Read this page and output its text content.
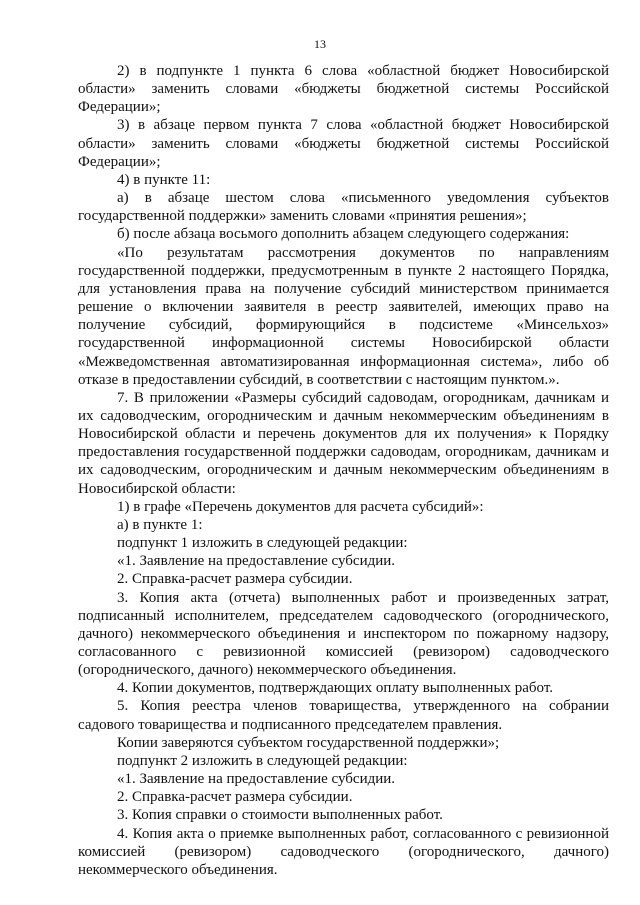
13

2) в подпункте 1 пункта 6 слова «областной бюджет Новосибирской области» заменить словами «бюджеты бюджетной системы Российской Федерации»;

3) в абзаце первом пункта 7 слова «областной бюджет Новосибирской области» заменить словами «бюджеты бюджетной системы Российской Федерации»;

4) в пункте 11:

а) в абзаце шестом слова «письменного уведомления субъектов государственной поддержки» заменить словами «принятия решения»;

б) после абзаца восьмого дополнить абзацем следующего содержания:

«По результатам рассмотрения документов по направлениям государственной поддержки, предусмотренным в пункте 2 настоящего Порядка, для установления права на получение субсидий министерством принимается решение о включении заявителя в реестр заявителей, имеющих право на получение субсидий, формирующийся в подсистеме «Минсельхоз» государственной информационной системы Новосибирской области «Межведомственная автоматизированная информационная система», либо об отказе в предоставлении субсидий, в соответствии с настоящим пунктом.».

7. В приложении «Размеры субсидий садоводам, огородникам, дачникам и их садоводческим, огородническим и дачным некоммерческим объединениям в Новосибирской области и перечень документов для их получения» к Порядку предоставления государственной поддержки садоводам, огородникам, дачникам и их садоводческим, огородническим и дачным некоммерческим объединениям в Новосибирской области:

1) в графе «Перечень документов для расчета субсидий»:

а) в пункте 1:

подпункт 1 изложить в следующей редакции:

«1. Заявление на предоставление субсидии.

2. Справка-расчет размера субсидии.

3. Копия акта (отчета) выполненных работ и произведенных затрат, подписанный исполнителем, председателем садоводческого (огороднического, дачного) некоммерческого объединения и инспектором по пожарному надзору, согласованного с ревизионной комиссией (ревизором) садоводческого (огороднического, дачного) некоммерческого объединения.

4. Копии документов, подтверждающих оплату выполненных работ.

5. Копия реестра членов товарищества, утвержденного на собрании садового товарищества и подписанного председателем правления.

Копии заверяются субъектом государственной поддержки»;

подпункт 2 изложить в следующей редакции:

«1. Заявление на предоставление субсидии.

2. Справка-расчет размера субсидии.

3. Копия справки о стоимости выполненных работ.

4. Копия акта о приемке выполненных работ, согласованного с ревизионной комиссией (ревизором) садоводческого (огороднического, дачного) некоммерческого объединения.
